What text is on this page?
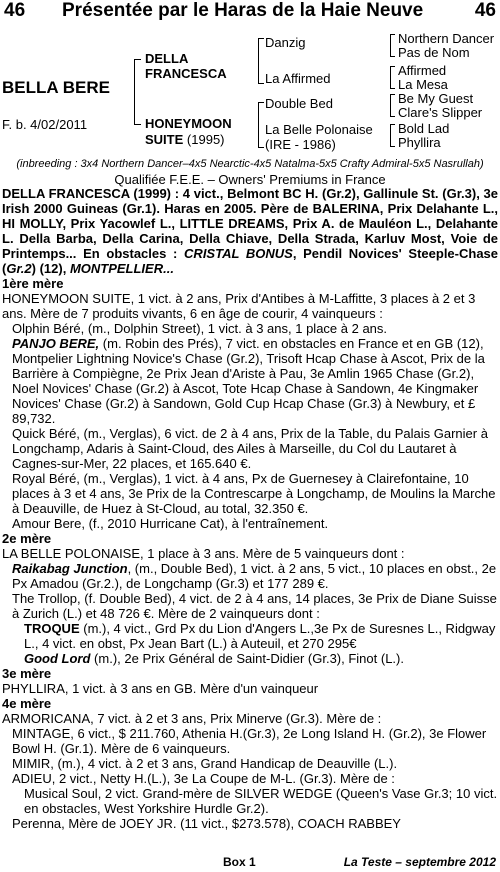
46 Présentée par le Haras de la Haie Neuve	46
BELLA BERE
F. b. 4/02/2011
DELLA FRANCESCA
HONEYMOON SUITE (1995)
Danzig
La Affirmed
Double Bed
La Belle Polonaise
(IRE - 1986)
Northern Dancer
Pas de Nom
Affirmed
La Mesa
Be My Guest
Clare's Slipper
Bold Lad
Phyllira
(inbreeding : 3x4 Northern Dancer–4x5 Nearctic-4x5 Natalma-5x5 Crafty Admiral-5x5 Nasrullah)
Qualifiée F.E.E. – Owners' Premiums in France

DELLA FRANCESCA (1999) : 4 vict., Belmont BC H. (Gr.2), Gallinule St. (Gr.3), 3e Irish 2000 Guineas (Gr.1). Haras en 2005. Père de BALERINA, Prix Delahante L., HI MOLLY, Prix Yacowlef L., LITTLE DREAMS, Prix A. de Mauléon L., Delahante L. Della Barba, Della Carina, Della Chiave, Della Strada, Karluv Most, Voie de Printemps... En obstacles : CRISTAL BONUS, Pendil Novices' Steeple-Chase (Gr.2) (12), MONTPELLIER...

1ère mère

HONEYMOON SUITE, 1 vict. à 2 ans, Prix d'Antibes à M-Laffitte, 3 places à 2 et 3 ans. Mère de 7 produits vivants, 6 en âge de courir, 4 vainqueurs :

Olphin Béré, (m., Dolphin Street), 1 vict. à 3 ans, 1 place à 2 ans.

PANJO BERE, (m. Robin des Prés), 7 vict. en obstacles en France et en GB (12), Montpelier Lightning Novice's Chase (Gr.2), Trisoft Hcap Chase à Ascot, Prix de la Barrière à Compiègne, 2e Prix Jean d'Ariste à Pau, 3e Amlin 1965 Chase (Gr.2), Noel Novices' Chase (Gr.2) à Ascot, Tote Hcap Chase à Sandown, 4e Kingmaker Novices' Chase (Gr.2) à Sandown, Gold Cup Hcap Chase (Gr.3) à Newbury, et £ 89,732.

Quick Béré, (m., Verglas), 6 vict. de 2 à 4 ans, Prix de la Table, du Palais Garnier à Longchamp, Adaris à Saint-Cloud, des Ailes à Marseille, du Col du Lautaret à Cagnes-sur-Mer, 22 places, et 165.640 €.

Royal Béré, (m., Verglas), 1 vict. à 4 ans, Px de Guernesey à Clairefontaine, 10 places à 3 et 4 ans, 3e Prix de la Contrescarpe à Longchamp, de Moulins la Marche à Deauville, de Huez à St-Cloud, au total, 32.350 €.

Amour Bere, (f., 2010 Hurricane Cat), à l'entraînement.

2e mère

LA BELLE POLONAISE, 1 place à 3 ans. Mère de 5 vainqueurs dont :

Raikabag Junction, (m., Double Bed), 1 vict. à 2 ans, 5 vict., 10 places en obst., 2e Px Amadou (Gr.2.), de Longchamp (Gr.3) et 177 289 €.

The Trollop, (f. Double Bed), 4 vict. de 2 à 4 ans, 14 places, 3e Prix de Diane Suisse à Zurich (L.) et 48 726 €. Mère de 2 vainqueurs dont :

TROQUE (m.), 4 vict., Grd Px du Lion d'Angers L.,3e Px de Suresnes L., Ridgway L., 4 vict. en obst, Px Jean Bart (L.) à Auteuil, et 270 295€

Good Lord (m.), 2e Prix Général de Saint-Didier (Gr.3), Finot (L.).

3e mère

PHYLLIRA, 1 vict. à 3 ans en GB. Mère d'un vainqueur

4e mère

ARMORICANA, 7 vict. à 2 et 3 ans, Prix Minerve (Gr.3). Mère de :

MINTAGE, 6 vict., $ 211.760, Athenia H.(Gr.3), 2e Long Island H. (Gr.2), 3e Flower Bowl H. (Gr.1). Mère de 6 vainqueurs.

MIMIR, (m.), 4 vict. à 2 et 3 ans, Grand Handicap de Deauville (L.).

ADIEU, 2 vict., Netty H.(L.), 3e La Coupe de M-L. (Gr.3). Mère de :

Musical Soul, 2 vict. Grand-mère de SILVER WEDGE (Queen's Vase Gr.3; 10 vict. en obstacles, West Yorkshire Hurdle Gr.2).

Perenna, Mère de JOEY JR. (11 vict., $273.578), COACH RABBEY

Box 1	La Teste – septembre 2012
